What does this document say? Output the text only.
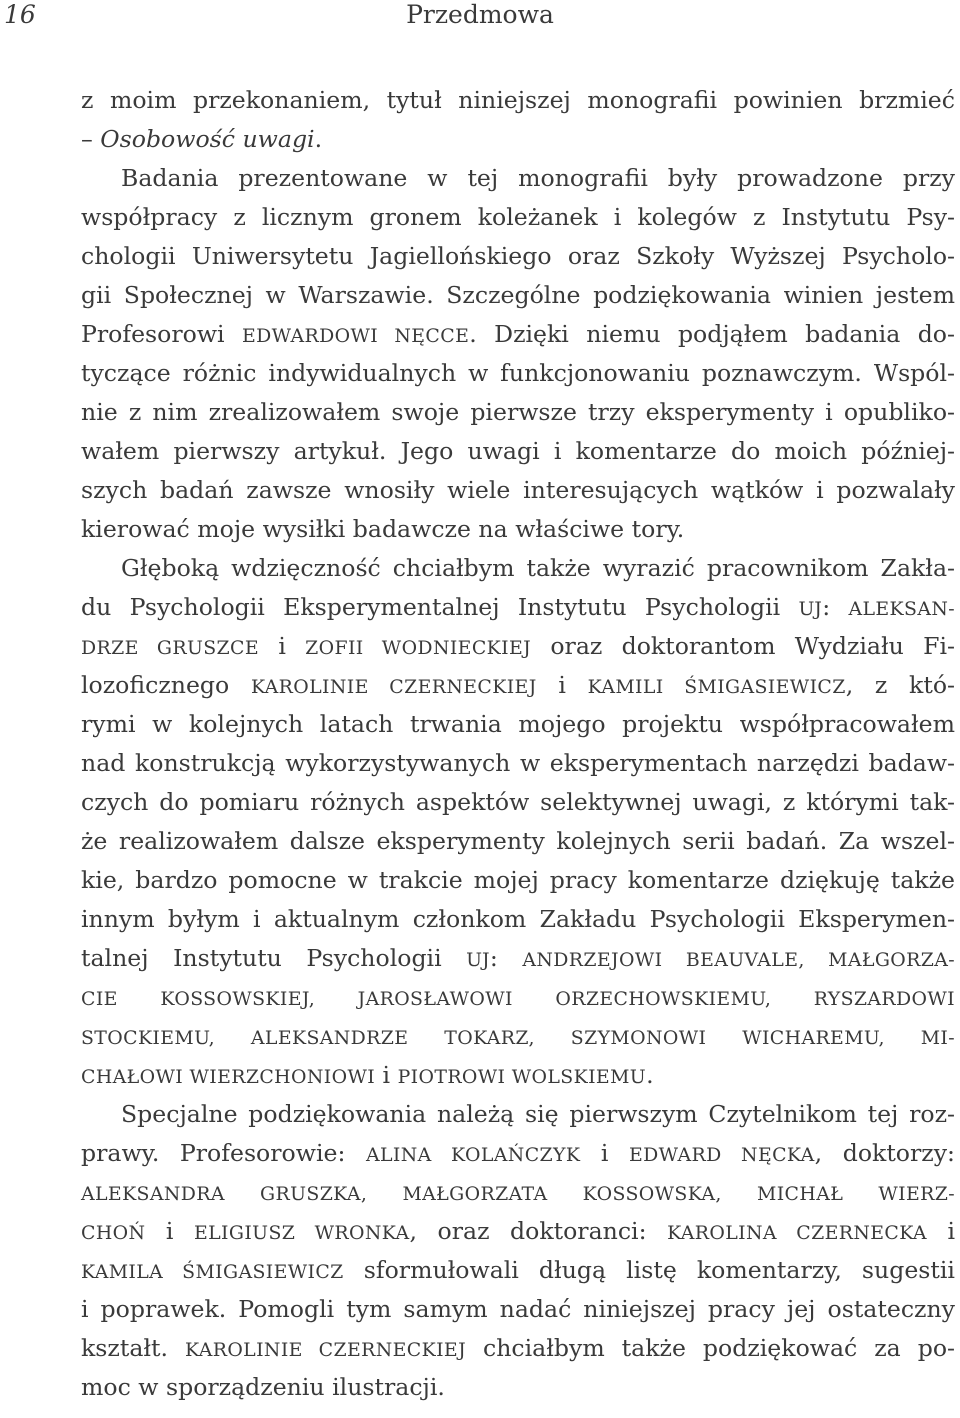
16	Przedmowa
z moim przekonaniem, tytuł niniejszej monografii powinien brzmieć
– Osobowość uwagi.
Badania prezentowane w tej monografii były prowadzone przy
współpracy z licznym gronem koleżanek i kolegów z Instytutu Psy-
chologii Uniwersytetu Jagiellońskiego oraz Szkoły Wyższej Psycholo-
gii Społecznej w Warszawie. Szczególne podziękowania winien jestem
Profesorowi EDWARDOWI NĘCCE. Dzięki niemu podjąłem badania do-
tyczące różnic indywidualnych w funkcjonowaniu poznawczym. Wspól-
nie z nim zrealizowałem swoje pierwsze trzy eksperymenty i opubliko-
wałem pierwszy artykuł. Jego uwagi i komentarze do moich później-
szych badań zawsze wnosiły wiele interesujących wątków i pozwalały
kierować moje wysiłki badawcze na właściwe tory.
Głęboką wdzięczność chciałbym także wyrazić pracownikom Zakła-
du Psychologii Eksperymentalnej Instytutu Psychologii UJ: ALEKSAN-
DRZE GRUSZCE i ZOFII WODNIECKIEJ oraz doktorantom Wydziału Fi-
lozoficznego KAROLINIE CZERNECKIEJ i KAMILI ŚMIGASIEWICZ, z któ-
rymi w kolejnych latach trwania mojego projektu współpracowałem
nad konstrukcją wykorzystywanych w eksperymentach narzędzi badaw-
czych do pomiaru różnych aspektów selektywnej uwagi, z którymi tak-
że realizowałem dalsze eksperymenty kolejnych serii badań. Za wszel-
kie, bardzo pomocne w trakcie mojej pracy komentarze dziękuję także
innym byłym i aktualnym członkom Zakładu Psychologii Eksperymen-
talnej Instytutu Psychologii UJ: ANDRZEJOWI BEAUVALE, MAŁGORZA-
CIE KOSSOWSKIEJ, JAROSŁAWOWI ORZECHOWSKIEMU, RYSZARDOWI
STOCKIEMU, ALEKSANDRZE TOKARZ, SZYMONOWI WICHAREMU, MI-
CHAŁOWI WIERZCHONIOWI i PIOTROWI WOLSKIEMU.
Specjalne podziękowania należą się pierwszym Czytelnikom tej roz-
prawy. Profesorowie: ALINA KOLAŃCZYK i EDWARD NĘCKA, doktorzy:
ALEKSANDRA GRUSZKA, MAŁGORZATA KOSSOWSKA, MICHAŁ WIERZ-
CHOŃ i ELIGIUSZ WRONKA, oraz doktoranci: KAROLINA CZERNECKA i
KAMILA ŚMIGASIEWICZ sformułowali długą listę komentarzy, sugestii
i poprawek. Pomogli tym samym nadać niniejszej pracy jej ostateczny
kształt. KAROLINIE CZERNECKIEJ chciałbym także podziękować za po-
moc w sporządzeniu ilustracji.
